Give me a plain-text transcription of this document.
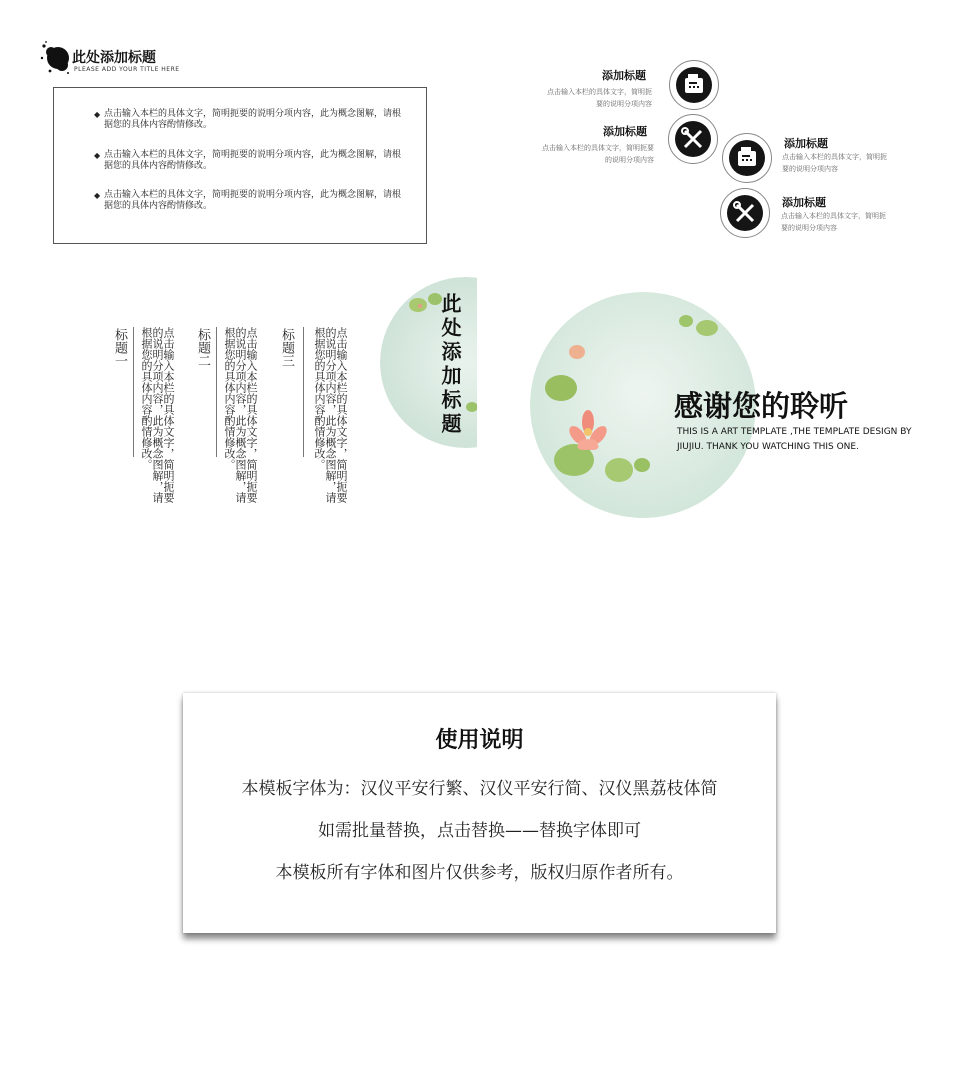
此处添加标题
PLEASE ADD YOUR TITLE HERE
◆ 点击输入本栏的具体文字，简明扼要的说明分项内容，此为概念图解，请根据您的具体内容酌情修改。
◆ 点击输入本栏的具体文字，简明扼要的说明分项内容，此为概念图解，请根据您的具体内容酌情修改。
◆ 点击输入本栏的具体文字，简明扼要的说明分项内容，此为概念图解，请根据您的具体内容酌情修改。
添加标题
点击输入本栏的具体文字，简明扼要的说明分项内容
添加标题
点击输入本栏的具体文字，简明扼要的说明分项内容
添加标题
点击输入本栏的具体文字，简明扼要的说明分项内容
添加标题
点击输入本栏的具体文字，简明扼要的说明分项内容
标题一	点击输入本栏的具体文字，简明扼要的说明分项内容，此为概念图解，请根据您的具体内容酌情修改。	标题二	点击输入本栏的具体文字，简明扼要的说明分项内容，此为概念图解，请根据您的具体内容酌情修改。	标题三	点击输入本栏的具体文字，简明扼要的说明分项内容，此为概念图解，请根据您的具体内容酌情修改。	此处添加标题	感谢您的聆听
THIS IS A ART TEMPLATE ,THE TEMPLATE DESIGN BY
JIUJIU. THANK YOU WATCHING THIS ONE.
使用说明
本模板字体为：汉仪平安行繁、汉仪平安行简、汉仪黑荔枝体简
如需批量替换，点击替换——替换字体即可
本模板所有字体和图片仅供参考，版权归原作者所有。
